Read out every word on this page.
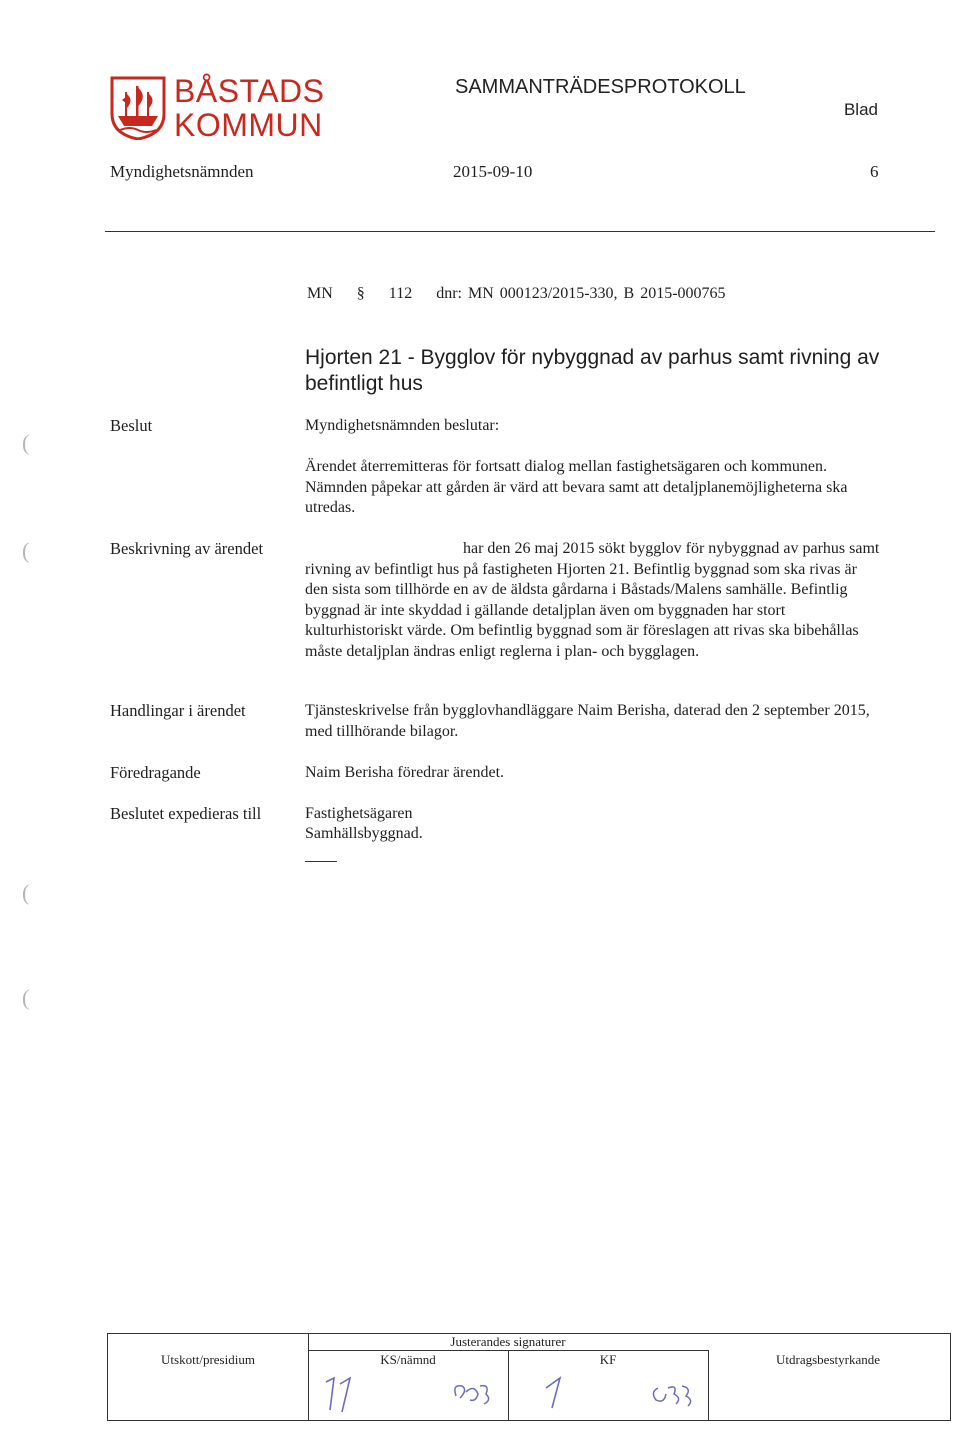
BÅSTADS
KOMMUN
SAMMANTRÄDESPROTOKOLL
Blad
Myndighetsnämnden	2015-09-10	6
MN § 112 dnr: MN 000123/2015-330, B 2015-000765
Hjorten 21 - Bygglov för nybyggnad av parhus samt rivning av befintligt hus
Beslut	Myndighetsnämnden beslutar:
Ärendet återremitteras för fortsatt dialog mellan fastighetsägaren och kommunen. Nämnden påpekar att gården är värd att bevara samt att detaljplanemöjligheterna ska utredas.
Beskrivning av ärendet	har den 26 maj 2015 sökt bygglov för nybyggnad av parhus samt rivning av befintligt hus på fastigheten Hjorten 21. Befintlig byggnad som ska rivas är den sista som tillhörde en av de äldsta gårdarna i Båstads/Malens samhälle. Befintlig byggnad är inte skyddad i gällande detaljplan även om byggnaden har stort kulturhistoriskt värde. Om befintlig byggnad som är föreslagen att rivas ska bibehållas måste detaljplan ändras enligt reglerna i plan- och bygglagen.
Handlingar i ärendet	Tjänsteskrivelse från bygglovhandläggare Naim Berisha, daterad den 2 september 2015, med tillhörande bilagor.
Föredragande	Naim Berisha föredrar ärendet.
Beslutet expedieras till	Fastighetsägaren
Samhällsbyggnad.
(
(
(
(
Justerandes signaturer
Utskott/presidium	KS/nämnd	KF	Utdragsbestyrkande
